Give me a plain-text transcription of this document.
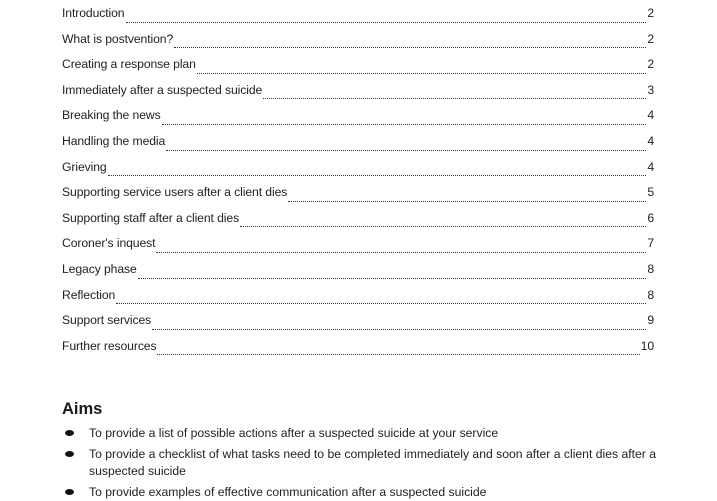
Introduction	2
What is postvention?	2
Creating a response plan	2
Immediately after a suspected suicide	3
Breaking the news	4
Handling the media	4
Grieving	4
Supporting service users after a client dies	5
Supporting staff after a client dies	6
Coroner's inquest	7
Legacy phase	8
Reflection	8
Support services	9
Further resources	10
Aims
To provide a list of possible actions after a suspected suicide at your service
To provide a checklist of what tasks need to be completed immediately and soon after a client dies after a suspected suicide
To provide examples of effective communication after a suspected suicide
